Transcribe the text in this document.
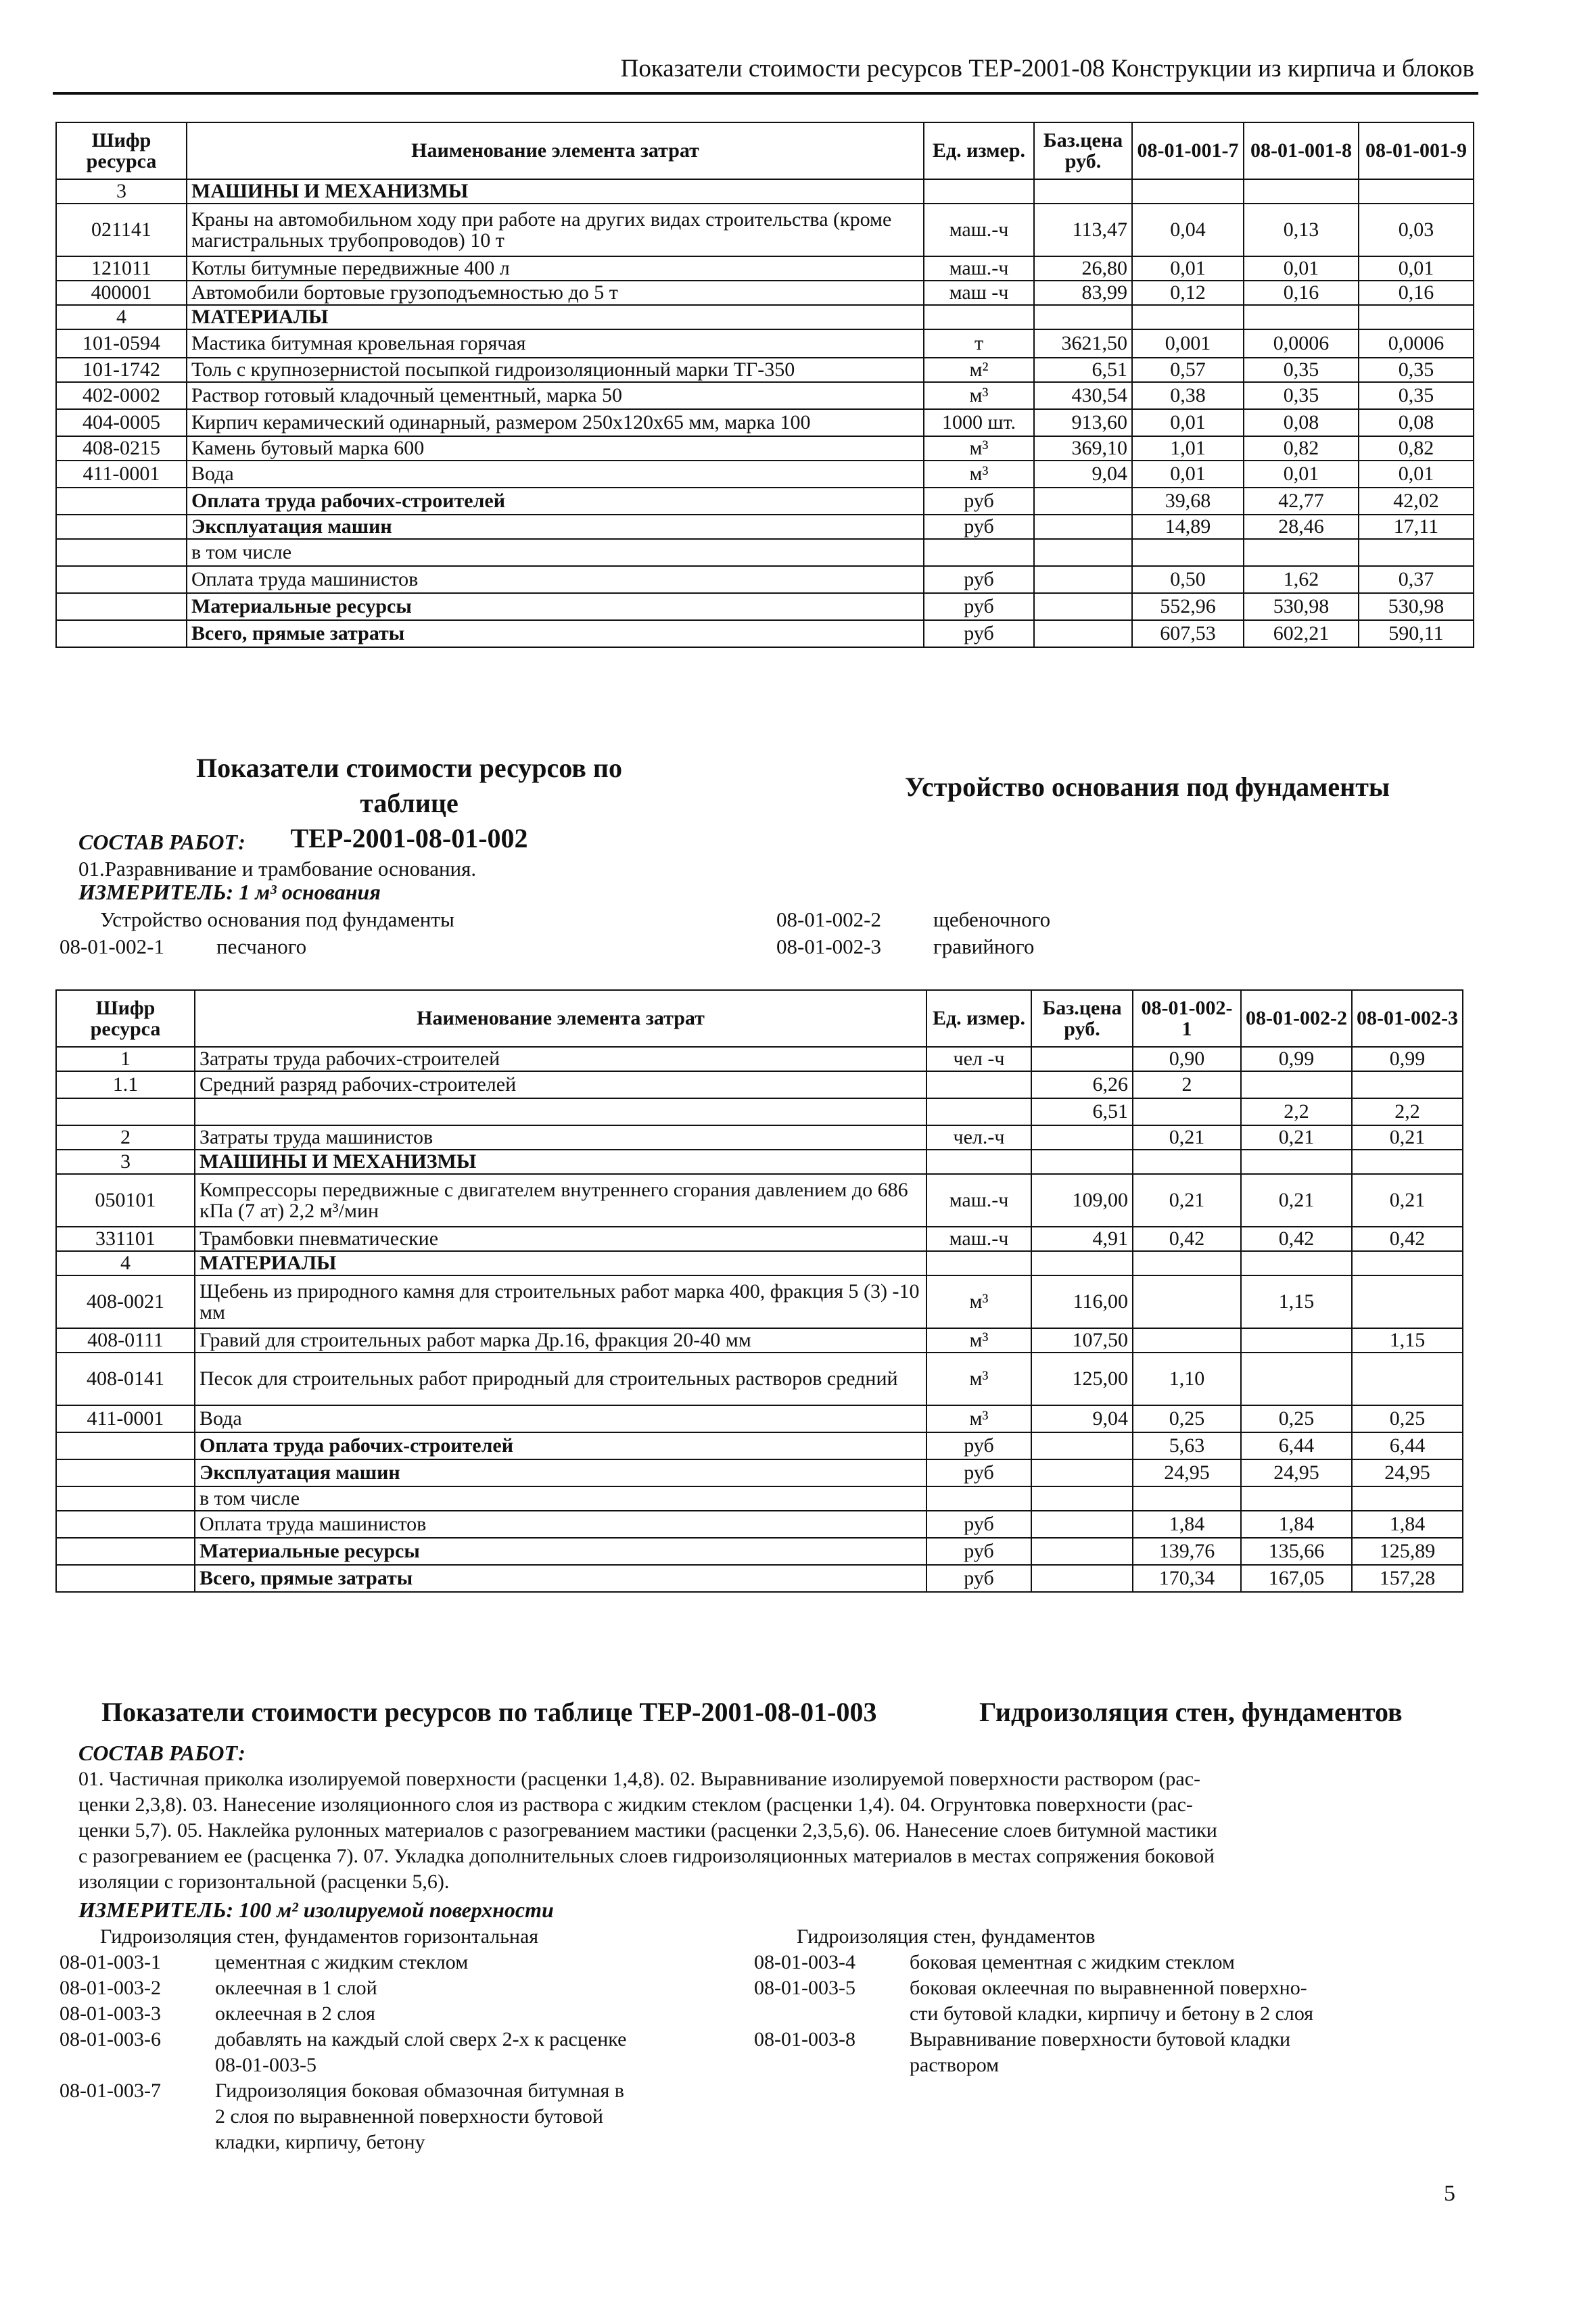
Показатели стоимости ресурсов ТЕР-2001-08 Конструкции из кирпича и блоков
Шифр ресурса	Наименование элемента затрат	Ед. измер.	Баз.цена руб.	08-01-001-7	08-01-001-8	08-01-001-9
3	МАШИНЫ И МЕХАНИЗМЫ					
021141	Краны на автомобильном ходу при работе на других видах строительства (кроме магистральных трубопроводов) 10 т	маш.-ч	113,47	0,04	0,13	0,03
121011	Котлы битумные передвижные 400 л	маш.-ч	26,80	0,01	0,01	0,01
400001	Автомобили бортовые грузоподъемностью до 5 т	маш -ч	83,99	0,12	0,16	0,16
4	МАТЕРИАЛЫ					
101-0594	Мастика битумная кровельная горячая	т	3621,50	0,001	0,0006	0,0006
101-1742	Толь с крупнозернистой посыпкой гидроизоляционный марки ТГ-350	м²	6,51	0,57	0,35	0,35
402-0002	Раствор готовый кладочный цементный, марка 50	м³	430,54	0,38	0,35	0,35
404-0005	Кирпич керамический одинарный, размером 250х120х65 мм, марка 100	1000 шт.	913,60	0,01	0,08	0,08
408-0215	Камень бутовый марка 600	м³	369,10	1,01	0,82	0,82
411-0001	Вода	м³	9,04	0,01	0,01	0,01
	Оплата труда рабочих-строителей	руб		39,68	42,77	42,02
	Эксплуатация машин	руб		14,89	28,46	17,11
	в том числе					
	Оплата труда машинистов	руб		0,50	1,62	0,37
	Материальные ресурсы	руб		552,96	530,98	530,98
	Всего, прямые затраты	руб		607,53	602,21	590,11
Показатели стоимости ресурсов по таблице
ТЕР-2001-08-01-002
Устройство основания под фундаменты
СОСТАВ РАБОТ:
01.Разравнивание и трамбование основания.
ИЗМЕРИТЕЛЬ: 1 м³ основания
Устройство основания под фундаменты
08-01-002-1 песчаного
08-01-002-2 щебеночного
08-01-002-3 гравийного
Шифр ресурса	Наименование элемента затрат	Ед. измер.	Баз.цена руб.	08-01-002-1	08-01-002-2	08-01-002-3
1	Затраты труда рабочих-строителей	чел -ч		0,90	0,99	0,99
1.1	Средний разряд рабочих-строителей		6,26	2		
			6,51		2,2	2,2
2	Затраты труда машинистов	чел.-ч		0,21	0,21	0,21
3	МАШИНЫ И МЕХАНИЗМЫ					
050101	Компрессоры передвижные с двигателем внутреннего сгорания давлением до 686 кПа (7 ат) 2,2 м³/мин	маш.-ч	109,00	0,21	0,21	0,21
331101	Трамбовки пневматические	маш.-ч	4,91	0,42	0,42	0,42
4	МАТЕРИАЛЫ					
408-0021	Щебень из природного камня для строительных работ марка 400, фракция 5 (3) -10 мм	м³	116,00		1,15	
408-0111	Гравий для строительных работ марка Др.16, фракция 20-40 мм	м³	107,50			1,15
408-0141	Песок для строительных работ природный для строительных растворов средний	м³	125,00	1,10		
411-0001	Вода	м³	9,04	0,25	0,25	0,25
	Оплата труда рабочих-строителей	руб		5,63	6,44	6,44
	Эксплуатация машин	руб		24,95	24,95	24,95
	в том числе					
	Оплата труда машинистов	руб		1,84	1,84	1,84
	Материальные ресурсы	руб		139,76	135,66	125,89
	Всего, прямые затраты	руб		170,34	167,05	157,28
Показатели стоимости ресурсов по таблице ТЕР-2001-08-01-003	Гидроизоляция стен, фундаментов
СОСТАВ РАБОТ:
01. Частичная приколка изолируемой поверхности (расценки 1,4,8). 02. Выравнивание изолируемой поверхности раствором (рас-
ценки 2,3,8). 03. Нанесение изоляционного слоя из раствора с жидким стеклом (расценки 1,4). 04. Огрунтовка поверхности (рас-
ценки 5,7). 05. Наклейка рулонных материалов с разогреванием мастики (расценки 2,3,5,6). 06. Нанесение слоев битумной мастики
с разогреванием ее (расценка 7). 07. Укладка дополнительных слоев гидроизоляционных материалов в местах сопряжения боковой
изоляции с горизонтальной (расценки 5,6).
ИЗМЕРИТЕЛЬ: 100 м² изолируемой поверхности
Гидроизоляция стен, фундаментов горизонтальная	Гидроизоляция стен, фундаментов
08-01-003-1	цементная с жидким стеклом
08-01-003-2	оклеечная в 1 слой
08-01-003-3	оклеечная в 2 слоя
08-01-003-6	добавлять на каждый слой сверх 2-х к расценке
08-01-003-5
08-01-003-7	Гидроизоляция боковая обмазочная битумная в
2 слоя по выравненной поверхности бутовой
кладки, кирпичу, бетону
08-01-003-4	боковая цементная с жидким стеклом
08-01-003-5	боковая оклеечная по выравненной поверхно-
сти бутовой кладки, кирпичу и бетону в 2 слоя
08-01-003-8	Выравнивание поверхности бутовой кладки
раствором
5
